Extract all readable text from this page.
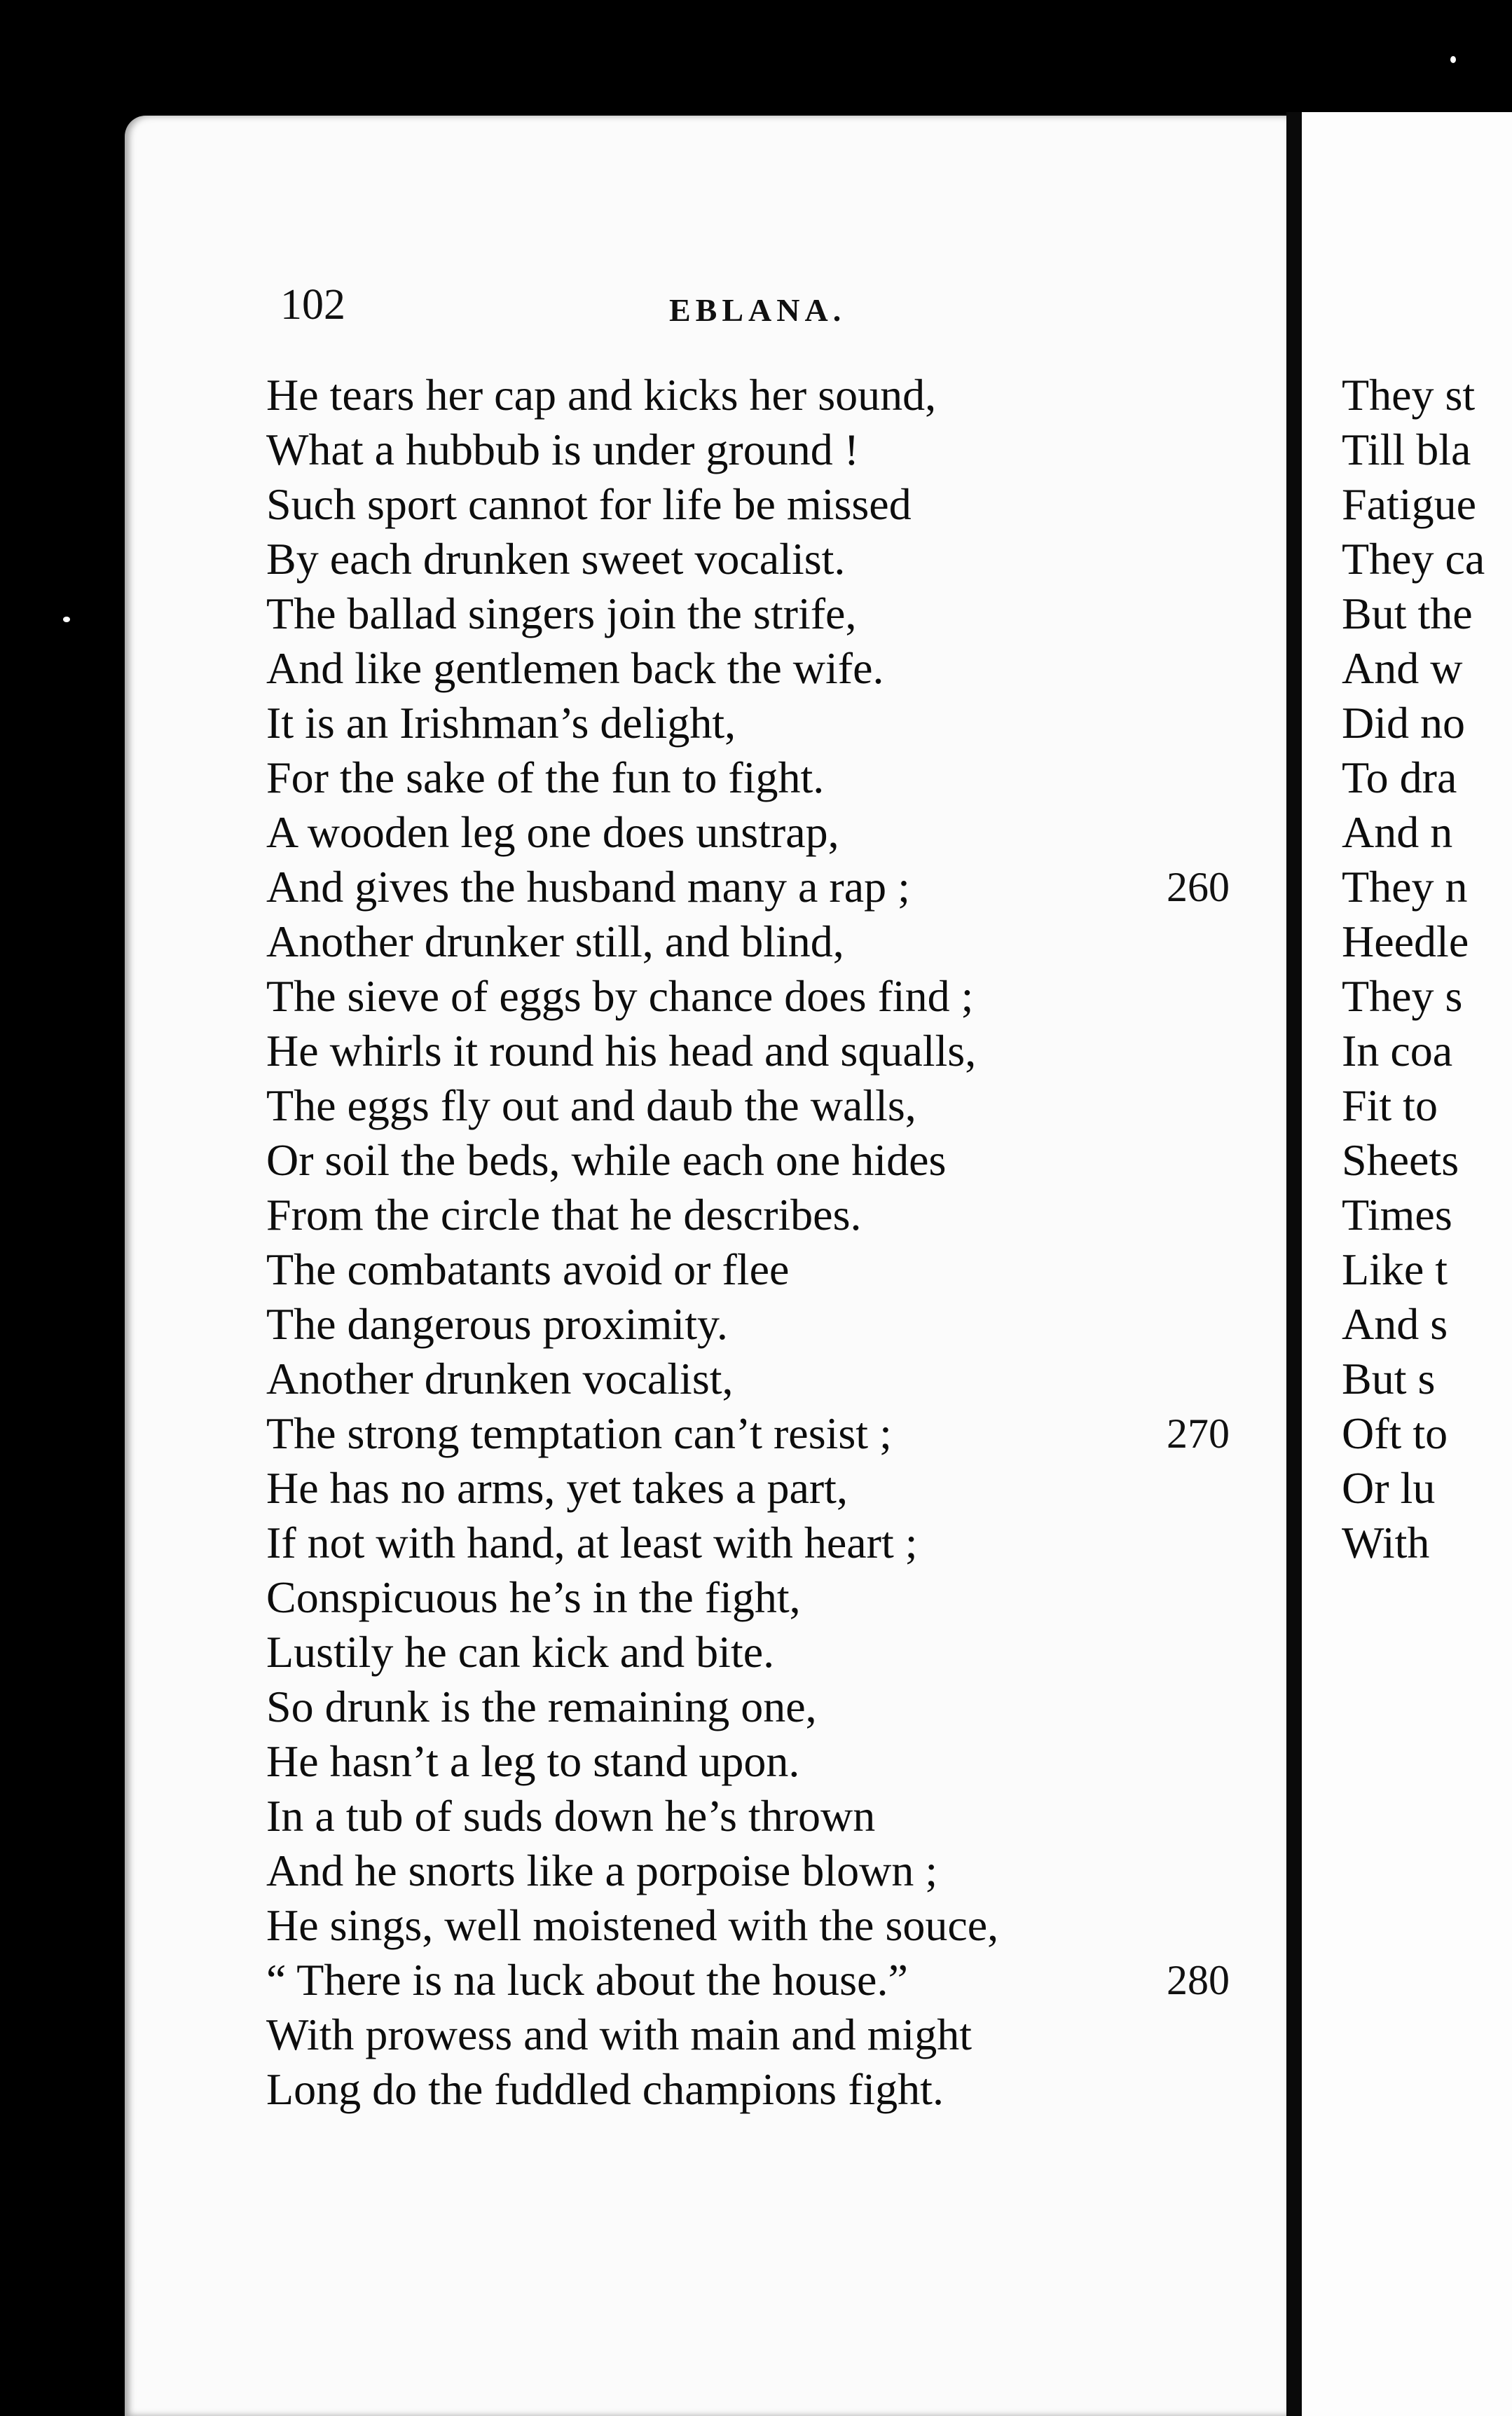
102	EBLANA.
He tears her cap and kicks her sound,
What a hubbub is under ground !
Such sport cannot for life be missed
By each drunken sweet vocalist.
The ballad singers join the strife,
And like gentlemen back the wife.
It is an Irishman’s delight,
For the sake of the fun to fight.
A wooden leg one does unstrap,
And gives the husband many a rap ;	260
Another drunker still, and blind,
The sieve of eggs by chance does find ;
He whirls it round his head and squalls,
The eggs fly out and daub the walls,
Or soil the beds, while each one hides
From the circle that he describes.
The combatants avoid or flee
The dangerous proximity.
Another drunken vocalist,
The strong temptation can’t resist ;	270
He has no arms, yet takes a part,
If not with hand, at least with heart ;
Conspicuous he’s in the fight,
Lustily he can kick and bite.
So drunk is the remaining one,
He hasn’t a leg to stand upon.
In a tub of suds down he’s thrown
And he snorts like a porpoise blown ;
He sings, well moistened with the souce,
“ There is na luck about the house.”	280
With prowess and with main and might
Long do the fuddled champions fight.
They st
Till bla
Fatigue
They ca
But the
And w
Did no
To dra
And n
They n
Heedle
They s
In coa
Fit to
Sheets
Times
Like t
And s
But s
Oft to
Or lu
With
